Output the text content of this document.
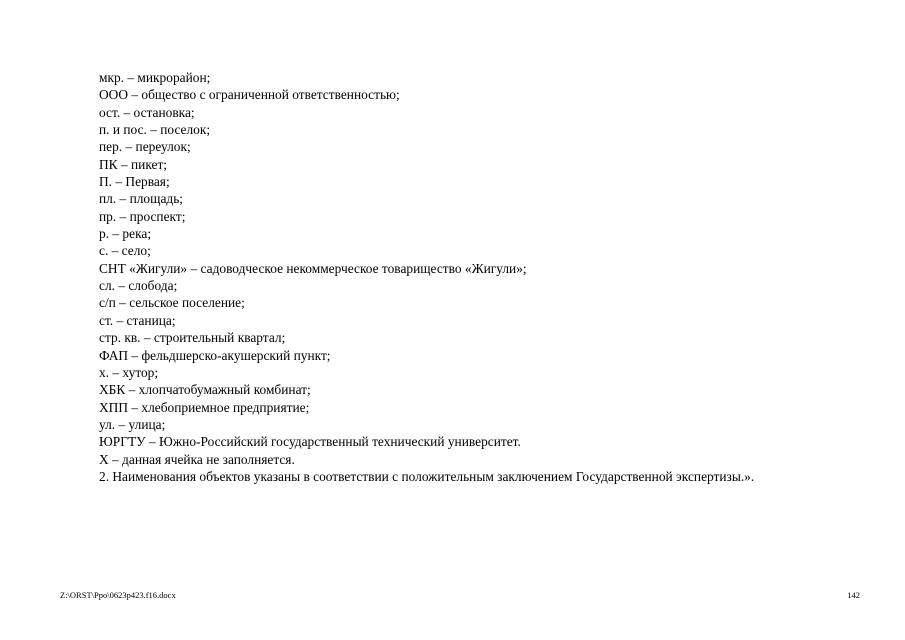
мкр. – микрорайон;
ООО – общество с ограниченной ответственностью;
ост. – остановка;
п. и пос. – поселок;
пер. – переулок;
ПК – пикет;
П. – Первая;
пл. – площадь;
пр. – проспект;
р. – река;
с. – село;
СНТ «Жигули» – садоводческое некоммерческое товарищество «Жигули»;
сл. – слобода;
с/п – сельское поселение;
ст. – станица;
стр. кв. – строительный квартал;
ФАП – фельдшерско-акушерский пункт;
х. – хутор;
ХБК – хлопчатобумажный комбинат;
ХПП – хлебоприемное предприятие;
ул. – улица;
ЮРГТУ – Южно-Российский государственный технический университет.
Х – данная ячейка не заполняется.
2. Наименования объектов указаны в соответствии с положительным заключением Государственной экспертизы.».
Z:\ORST\Ppo\0623p423.f16.docx	142
